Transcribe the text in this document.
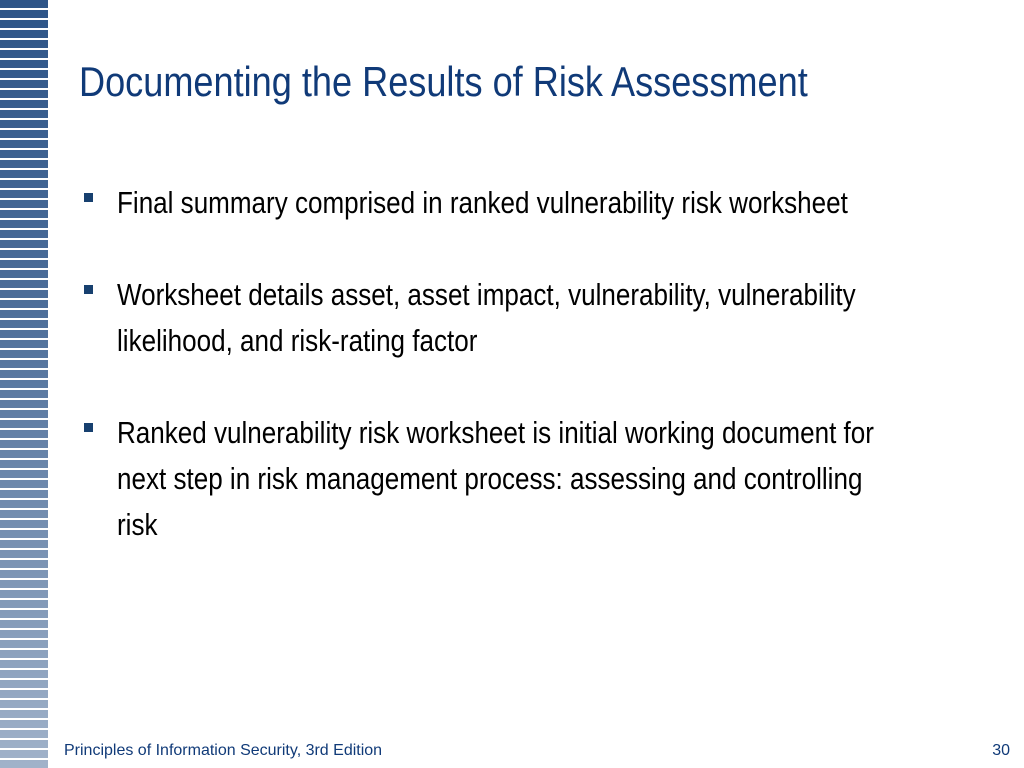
Documenting the Results of Risk Assessment
Final summary comprised in ranked vulnerability risk worksheet
Worksheet details asset, asset impact, vulnerability, vulnerability likelihood, and risk-rating factor
Ranked vulnerability risk worksheet is initial working document for next step in risk management process: assessing and controlling risk
Principles of Information Security, 3rd Edition	30
